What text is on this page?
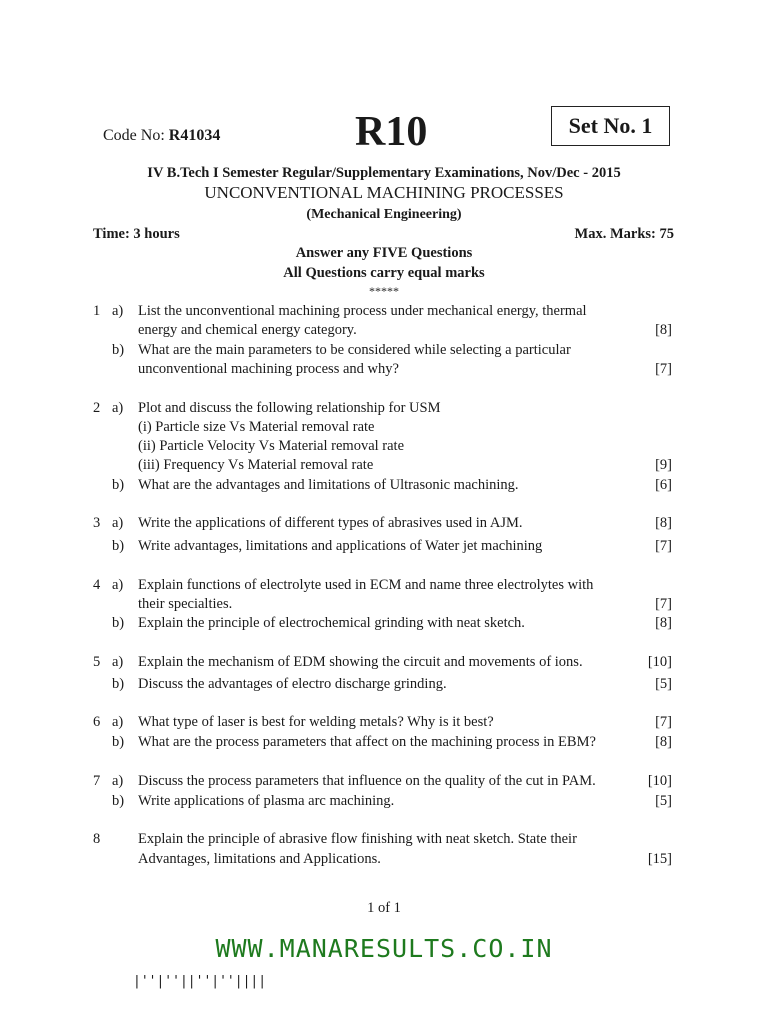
Code No: R41034	R10	Set No. 1
IV B.Tech I Semester Regular/Supplementary Examinations, Nov/Dec - 2015
UNCONVENTIONAL MACHINING PROCESSES
(Mechanical Engineering)
Time: 3 hours	Max. Marks: 75
Answer any FIVE Questions
All Questions carry equal marks
*****
1 a) List the unconventional machining process under mechanical energy, thermal
energy and chemical energy category.	[8]
b) What are the main parameters to be considered while selecting a particular
unconventional machining process and why?	[7]
2 a) Plot and discuss the following relationship for USM
(i) Particle size Vs Material removal rate
(ii) Particle Velocity Vs Material removal rate
(iii) Frequency Vs Material removal rate	[9]
b) What are the advantages and limitations of Ultrasonic machining.	[6]
3 a) Write the applications of different types of abrasives used in AJM.	[8]
b) Write advantages, limitations and applications of Water jet machining	[7]
4 a) Explain functions of electrolyte used in ECM and name three electrolytes with
their specialties.	[7]
b) Explain the principle of electrochemical grinding with neat sketch.	[8]
5 a) Explain the mechanism of EDM showing the circuit and movements of ions.	[10]
b) Discuss the advantages of electro discharge grinding.	[5]
6 a) What type of laser is best for welding metals? Why is it best?	[7]
b) What are the process parameters that affect on the machining process in EBM?	[8]
7 a) Discuss the process parameters that influence on the quality of the cut in PAM.	[10]
b) Write applications of plasma arc machining.	[5]
8	Explain the principle of abrasive flow finishing with neat sketch. State their
Advantages, limitations and Applications.	[15]
1 of 1
WWW.MANARESULTS.CO.IN
|''|''||''|''||||
